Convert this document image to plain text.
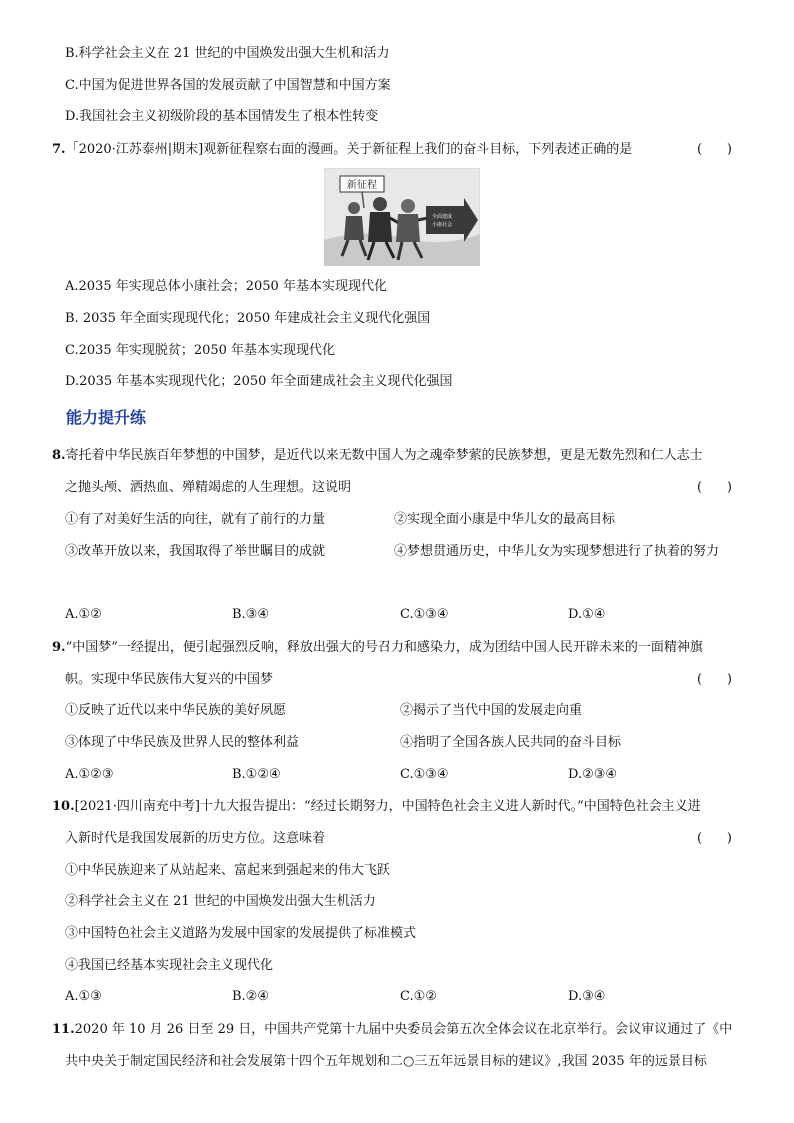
B.科学社会主义在 21 世纪的中国焕发出强大生机和活力
C.中国为促进世界各国的发展贡献了中国智慧和中国方案
D.我国社会主义初级阶段的基本国情发生了根本性转变
7.「2020·江苏泰州|期末]观新征程察右面的漫画。关于新征程上我们的奋斗目标，下列表述正确的是	(      )
新征程
全面建成
小康社会
A.2035 年实现总体小康社会；2050 年基本实现现代化
B. 2035 年全面实现现代化；2050 年建成社会主义现代化强国
C.2035 年实现脱贫；2050 年基本实现现代化
D.2035 年基本实现现代化；2050 年全面建成社会主义现代化强国
能力提升练
8.寄托着中华民族百年梦想的中国梦，是近代以来无数中国人为之魂牵梦萦的民族梦想，更是无数先烈和仁人志士
之抛头颅、洒热血、殚精竭虑的人生理想。这说明	(      )
①有了对美好生活的向往，就有了前行的力量	②实现全面小康是中华儿女的最高目标
③改革开放以来，我国取得了举世瞩目的成就	④梦想贯通历史，中华儿女为实现梦想进行了执着的努力
A.①②	B.③④	C.①③④	D.①④
9.“中国梦”一经提出，便引起强烈反响，释放出强大的号召力和感染力，成为团结中国人民开辟未来的一面精神旗
帜。实现中华民族伟大复兴的中国梦	(      )
①反映了近代以来中华民族的美好夙愿	②揭示了当代中国的发展走向重
③体现了中华民族及世界人民的整体利益	④指明了全国各族人民共同的奋斗目标
A.①②③	B.①②④	C.①③④	D.②③④
10.[2021·四川南充中考]十九大报告提出：“经过长期努力，中国特色社会主义进人新时代。”中国特色社会主义进
入新时代是我国发展新的历史方位。这意味着	(      )
①中华民族迎来了从站起来、富起来到强起来的伟大飞跃
②科学社会主义在 21 世纪的中国焕发出强大生机活力
③中国特色社会主义道路为发展中国家的发展提供了标准模式
④我国已经基本实现社会主义现代化
A.①③	B.②④	C.①②	D.③④
11.2020 年 10 月 26 日至 29 日，中国共产党第十九届中央委员会第五次全体会议在北京举行。会议审议通过了《中
共中央关于制定国民经济和社会发展第十四个五年规划和二○三五年远景目标的建议》,我国 2035 年的远景目标
